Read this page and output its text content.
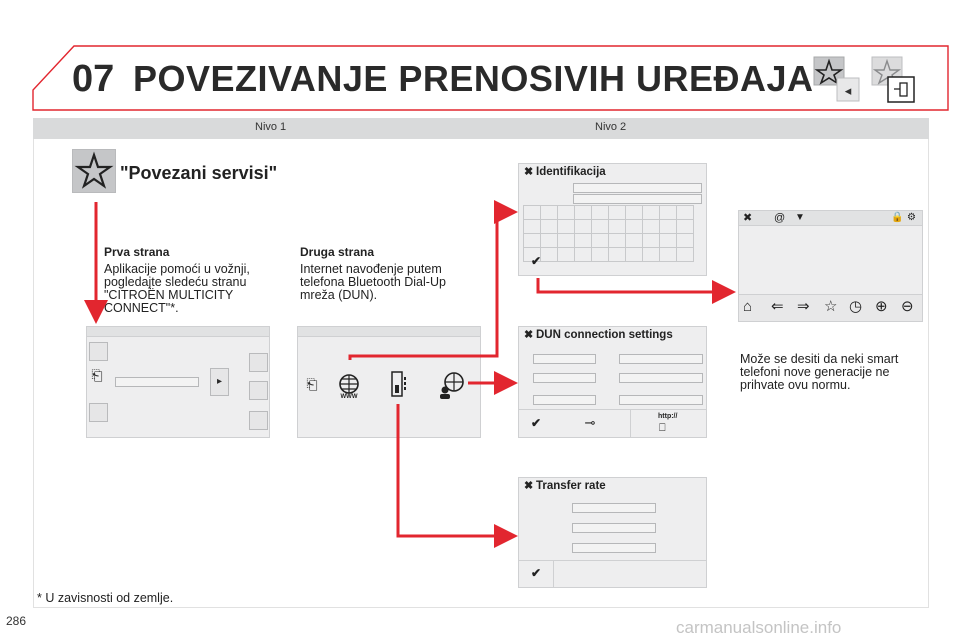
◂
07 POVEZIVANJE PRENOSIVIH UREĐAJA
Nivo 1	Nivo 2
"Povezani servisi"
Prva strana
Aplikacije pomoći u vožnji, pogledajte sledeću stranu "CITROËN MULTICITY CONNECT"*.
Druga strana
Internet navođenje putem telefona Bluetooth Dial-Up mreža (DUN).
Može se desiti da neki smart telefoni nove generacije ne prihvate ovu normu.
* U zavisnosti od zemlje.
286	carmanualsonline.info
⎗	▸	⎗
WWW
✖ Identifikacija

✔
✖ @ ▼	🔒 ⚙
⌂ ⇐ ⇒ ☆ ◷ ⊕ ⊖
✖ DUN connection settings
✔	⊸	http://
⎕
✖ Transfer rate
✔
